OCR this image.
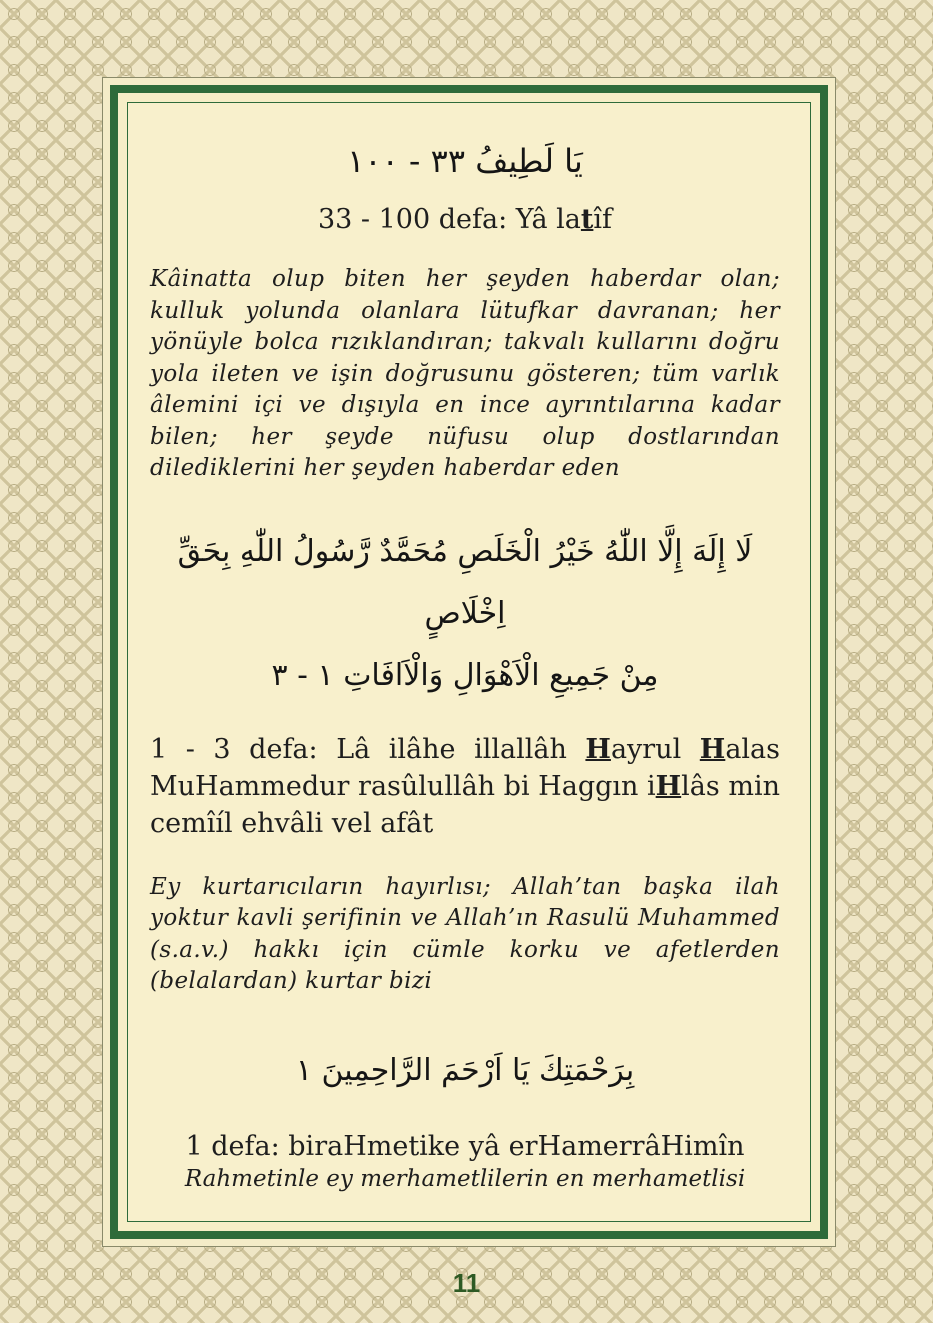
يَا لَطِيفُ ٣٣ - ١٠٠
33 - 100 defa: Yâ latîf
Kâinatta olup biten her şeyden haberdar olan; kulluk yolunda olanlara lütufkar davranan; her yönüyle bolca rızıklandıran; takvalı kullarını doğru yola ileten ve işin doğrusunu gösteren; tüm varlık âlemini içi ve dışıyla en ince ayrıntılarına kadar bilen; her şeyde nüfusu olup dostlarından dilediklerini her şeyden haberdar eden
لَا إِلَهَ إِلَّا اللّٰهُ خَيْرُ الْخَلَصِ مُحَمَّدٌ رَّسُولُ اللّٰهِ بِحَقِّ اِخْلَاصٍ
مِنْ جَمِيعِ الْاَهْوَالِ وَالْاَافَاتِ ١ - ٣
1 - 3 defa: Lâ ilâhe illallâh Hayrul Halas MuHammedur rasûlullâh bi Haggın iHlâs min cemîíl ehvâli vel afât
Ey kurtarıcıların hayırlısı; Allah’tan başka ilah yoktur kavli şerifinin ve Allah’ın Rasulü Muhammed (s.a.v.) hakkı için cümle korku ve afetlerden (belalardan) kurtar bizi
بِرَحْمَتِكَ يَا اَرْحَمَ الرَّاحِمِينَ ١
1 defa: biraHmetike yâ erHamerrâHimîn
Rahmetinle ey merhametlilerin en merhametlisi
11
